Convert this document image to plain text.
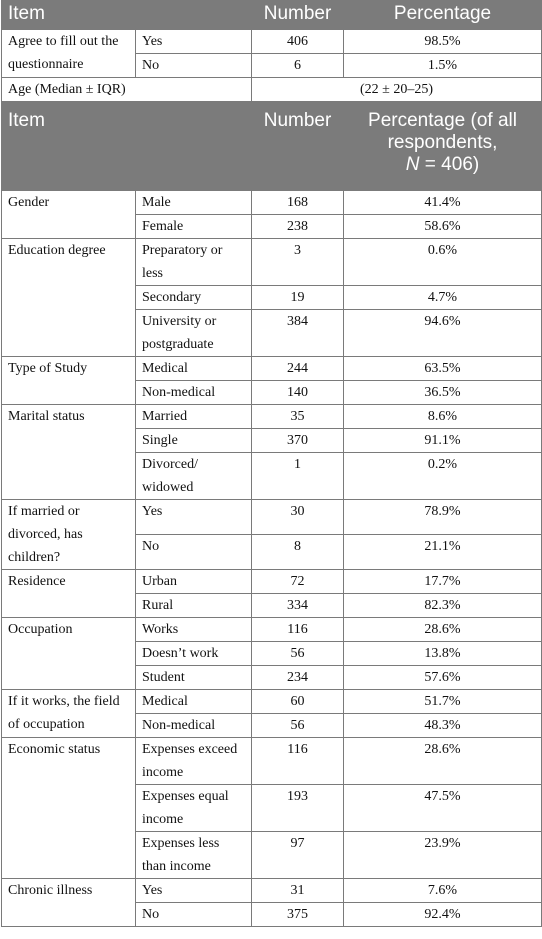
Item		Number	Percentage
Agree to fill out the questionnaire	Yes	406	98.5%
	No	6	1.5%
Age (Median ± IQR)		(22 ± 20–25)	
Item		Number	Percentage (of all respondents,
N = 406)
Gender	Male	168	41.4%
	Female	238	58.6%
Education degree	Preparatory or less	3	0.6%
	Secondary	19	4.7%
	University or postgraduate	384	94.6%
Type of Study	Medical	244	63.5%
	Non-medical	140	36.5%
Marital status	Married	35	8.6%
	Single	370	91.1%
	Divorced/ widowed	1	0.2%
If married or divorced, has children?	Yes	30	78.9%
	No	8	21.1%
Residence	Urban	72	17.7%
	Rural	334	82.3%
Occupation	Works	116	28.6%
	Doesn’t work	56	13.8%
	Student	234	57.6%
If it works, the field of occupation	Medical	60	51.7%
	Non-medical	56	48.3%
Economic status	Expenses exceed income	116	28.6%
	Expenses equal income	193	47.5%
	Expenses less than income	97	23.9%
Chronic illness	Yes	31	7.6%
	No	375	92.4%
